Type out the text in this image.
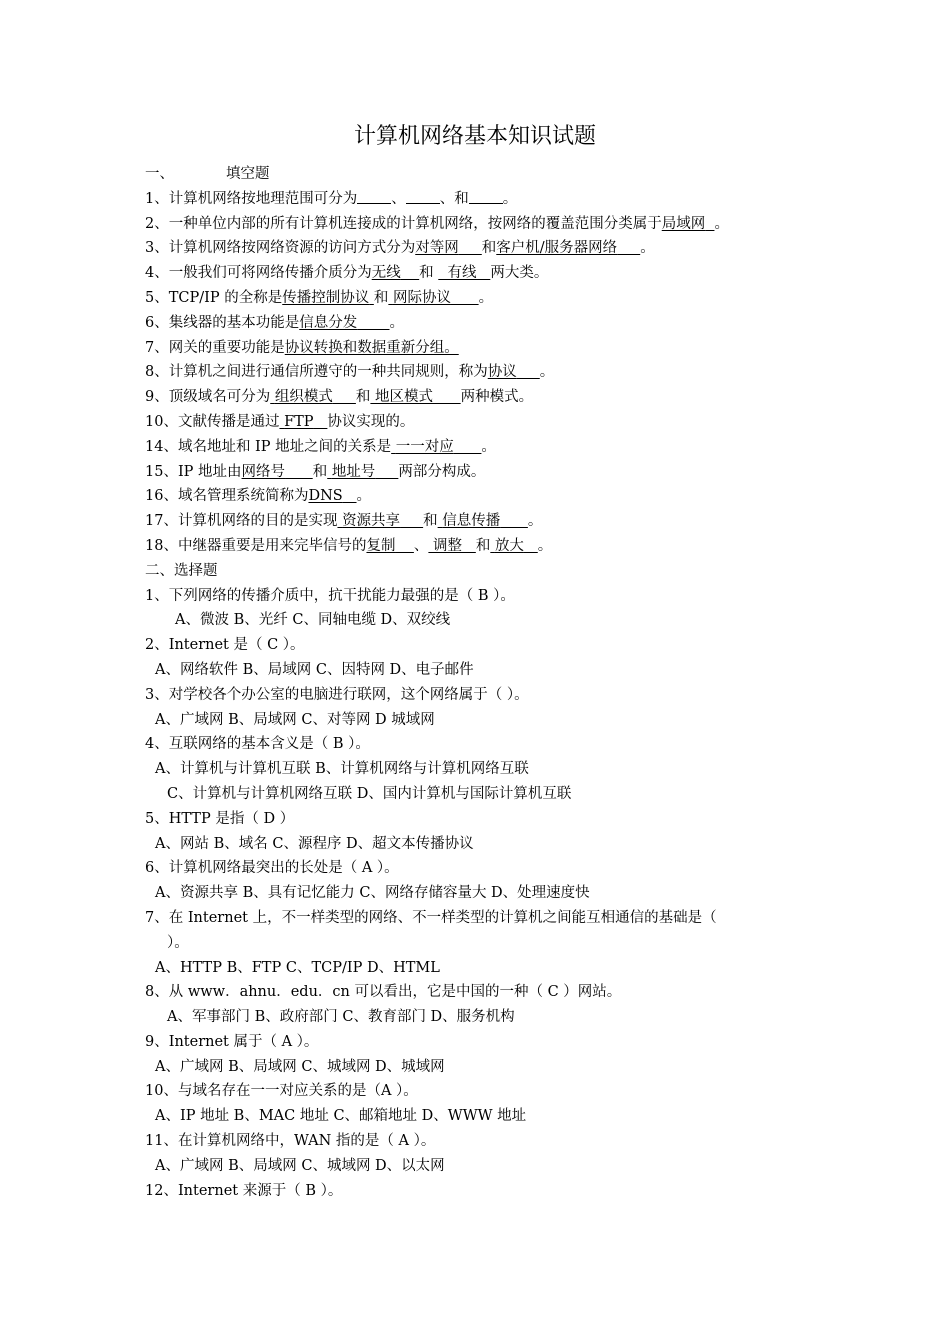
计算机网络基本知识试题
一、	填空题
1、计算机网络按地理范围可分为 、 、和 。
2、一种单位内部的所有计算机连接成的计算机网络，按网络的覆盖范围分类属于局域网 。
3、计算机网络按网络资源的访问方式分为对等网 和客户机/服务器网络 。
4、一般我们可将网络传播介质分为无线 和 有线 两大类。
5、TCP/IP 的全称是传播控制协议 和 网际协议 。
6、集线器的基本功能是信息分发 。
7、网关的重要功能是协议转换和数据重新分组。
8、计算机之间进行通信所遵守的一种共同规则，称为协议 。
9、顶级域名可分为 组织模式 和 地区模式 两种模式。
10、文献传播是通过 FTP 协议实现的。
14、域名地址和 IP 地址之间的关系是 一一对应 。
15、IP 地址由网络号 和 地址号 两部分构成。
16、域名管理系统简称为DNS 。
17、计算机网络的目的是实现 资源共享 和 信息传播 。
18、中继器重要是用来完毕信号的复制 、 调整 和 放大 。
二、选择题
1、下列网络的传播介质中，抗干扰能力最强的是（ B ）。
A、微波 B、光纤 C、同轴电缆 D、双绞线
2、Internet 是（ C ）。
A、网络软件 B、局域网 C、因特网 D、电子邮件
3、对学校各个办公室的电脑进行联网，这个网络属于（ ）。
A、广域网 B、局域网 C、对等网 D 城域网
4、互联网络的基本含义是（ B ）。
A、计算机与计算机互联 B、计算机网络与计算机网络互联
C、计算机与计算机网络互联 D、国内计算机与国际计算机互联
5、HTTP 是指（ D ）
A、网站 B、域名 C、源程序 D、超文本传播协议
6、计算机网络最突出的长处是（ A ）。
A、资源共享 B、具有记忆能力 C、网络存储容量大 D、处理速度快
7、在 Internet 上，不一样类型的网络、不一样类型的计算机之间能互相通信的基础是（
）。
A、HTTP B、FTP C、TCP/IP D、HTML
8、从 www．ahnu．edu．cn 可以看出，它是中国的一种（ C ）网站。
A、军事部门 B、政府部门 C、教育部门 D、服务机构
9、Internet 属于（ A ）。
A、广域网 B、局域网 C、城域网 D、城域网
10、与域名存在一一对应关系的是（A ）。
A、IP 地址 B、MAC 地址 C、邮箱地址 D、WWW 地址
11、在计算机网络中，WAN 指的是（ A ）。
A、广域网 B、局域网 C、城域网 D、以太网
12、Internet 来源于（ B ）。
